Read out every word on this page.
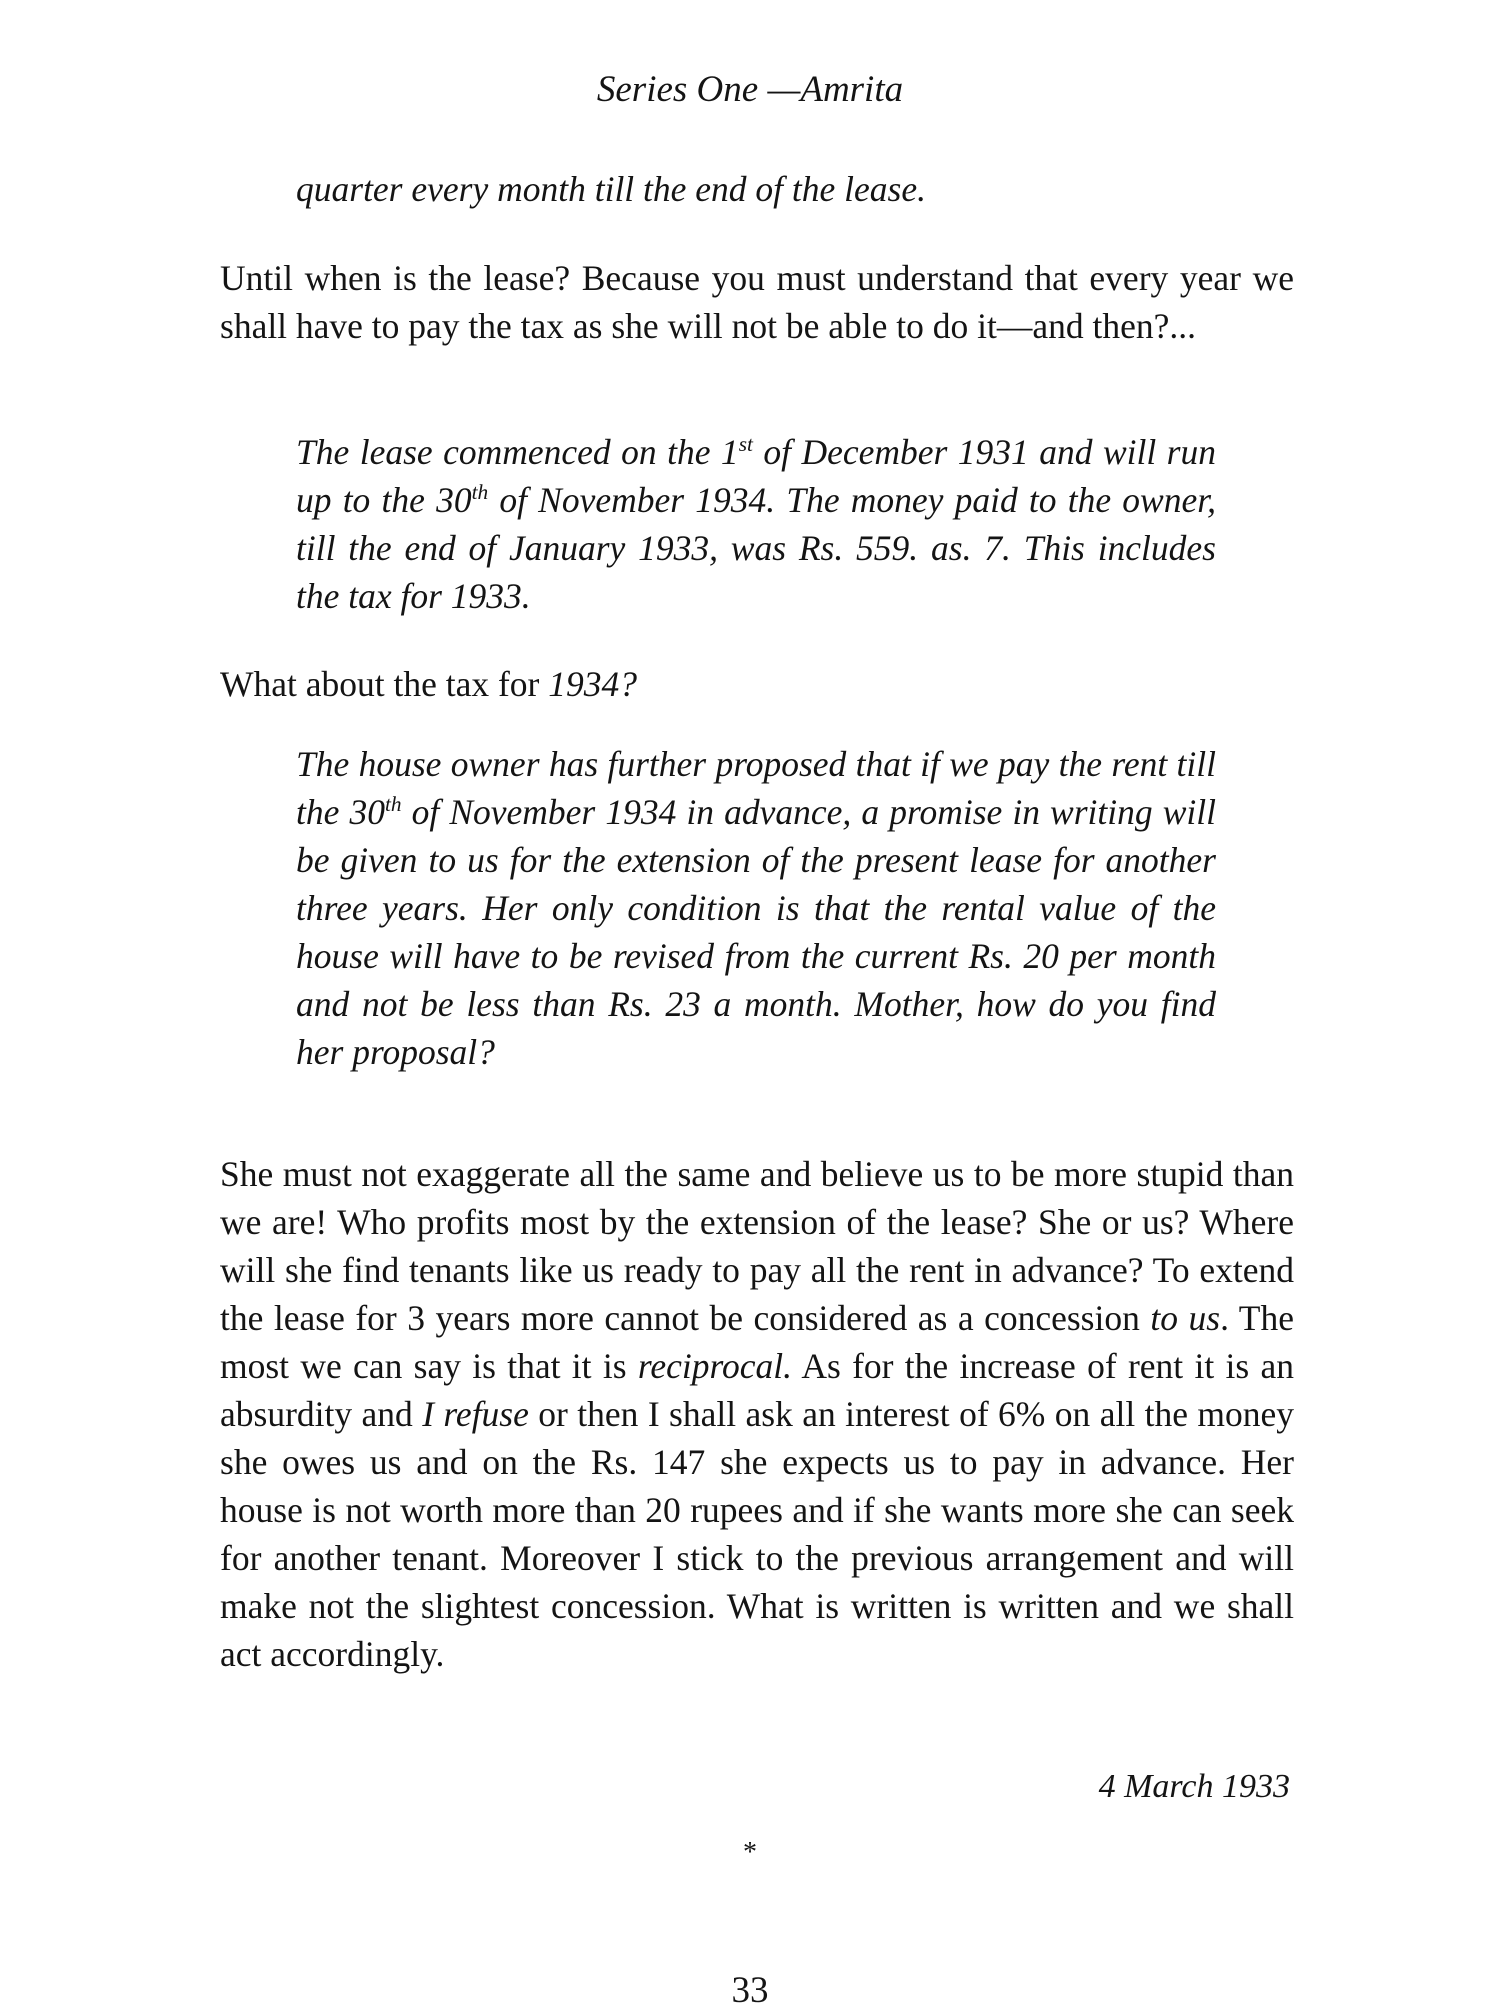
Series One —Amrita

quarter every month till the end of the lease.

Until when is the lease? Because you must understand that every year we shall have to pay the tax as she will not be able to do it—and then?...

The lease commenced on the 1st of December 1931 and will run up to the 30th of November 1934. The money paid to the owner, till the end of January 1933, was Rs. 559. as. 7. This includes the tax for 1933.

What about the tax for 1934?

The house owner has further proposed that if we pay the rent till the 30th of November 1934 in advance, a promise in writing will be given to us for the extension of the present lease for another three years. Her only condition is that the rental value of the house will have to be revised from the current Rs. 20 per month and not be less than Rs. 23 a month. Mother, how do you find her proposal?

She must not exaggerate all the same and believe us to be more stupid than we are! Who profits most by the extension of the lease? She or us? Where will she find tenants like us ready to pay all the rent in advance? To extend the lease for 3 years more cannot be considered as a concession to us. The most we can say is that it is reciprocal. As for the increase of rent it is an absurdity and I refuse or then I shall ask an interest of 6% on all the money she owes us and on the Rs. 147 she expects us to pay in advance. Her house is not worth more than 20 rupees and if she wants more she can seek for another tenant. Moreover I stick to the previous arrangement and will make not the slightest concession. What is written is written and we shall act accordingly.

4 March 1933
*
33
